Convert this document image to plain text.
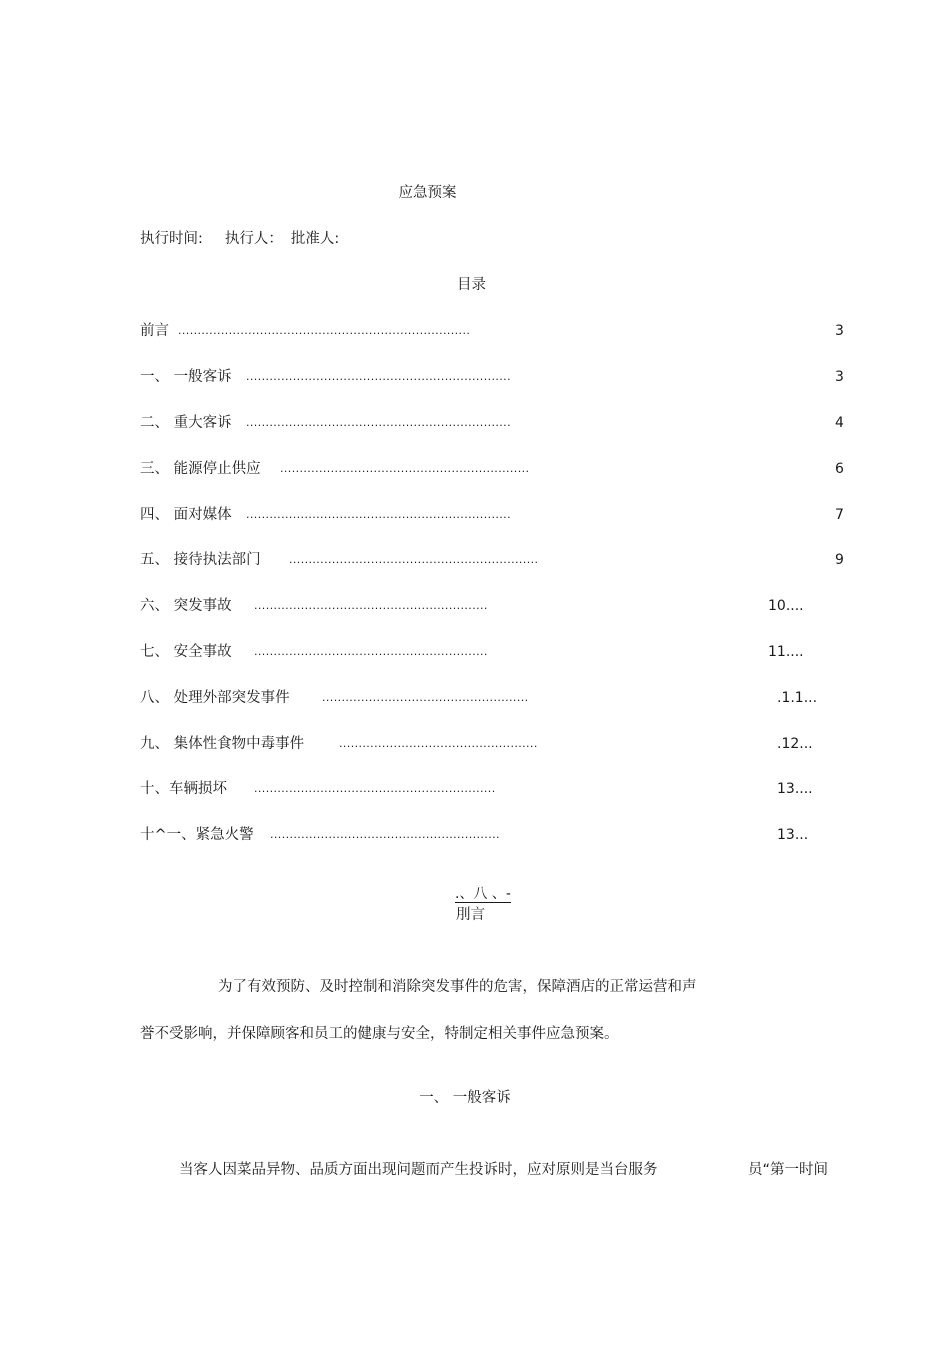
应急预案
执行时间: 执行人： 批准人:
目录
前言 ...........................................................................	3
一、 一般客诉 ....................................................................	3
二、 重大客诉 ....................................................................	4
三、 能源停止供应 ................................................................	6
四、 面对媒体 ....................................................................	7
五、 接待执法部门	................................................................	9
六、 突发事故 ............................................................	10....
七、 安全事故 ............................................................	11....
八、 处理外部突发事件	.....................................................	.1.1...
九、 集体性食物中毒事件	...................................................	.12...
十、车辆损坏 ..............................................................	13....
十^一、紧急火警 ...........................................................	13...
.、八 、-
刖言
为了有效预防、及时控制和消除突发事件的危害，保障酒店的正常运营和声
誉不受影响，并保障顾客和员工的健康与安全，特制定相关事件应急预案。
一、 一般客诉
当客人因菜品异物、品质方面出现问题而产生投诉时，应对原则是当台服务	员“第一时间
